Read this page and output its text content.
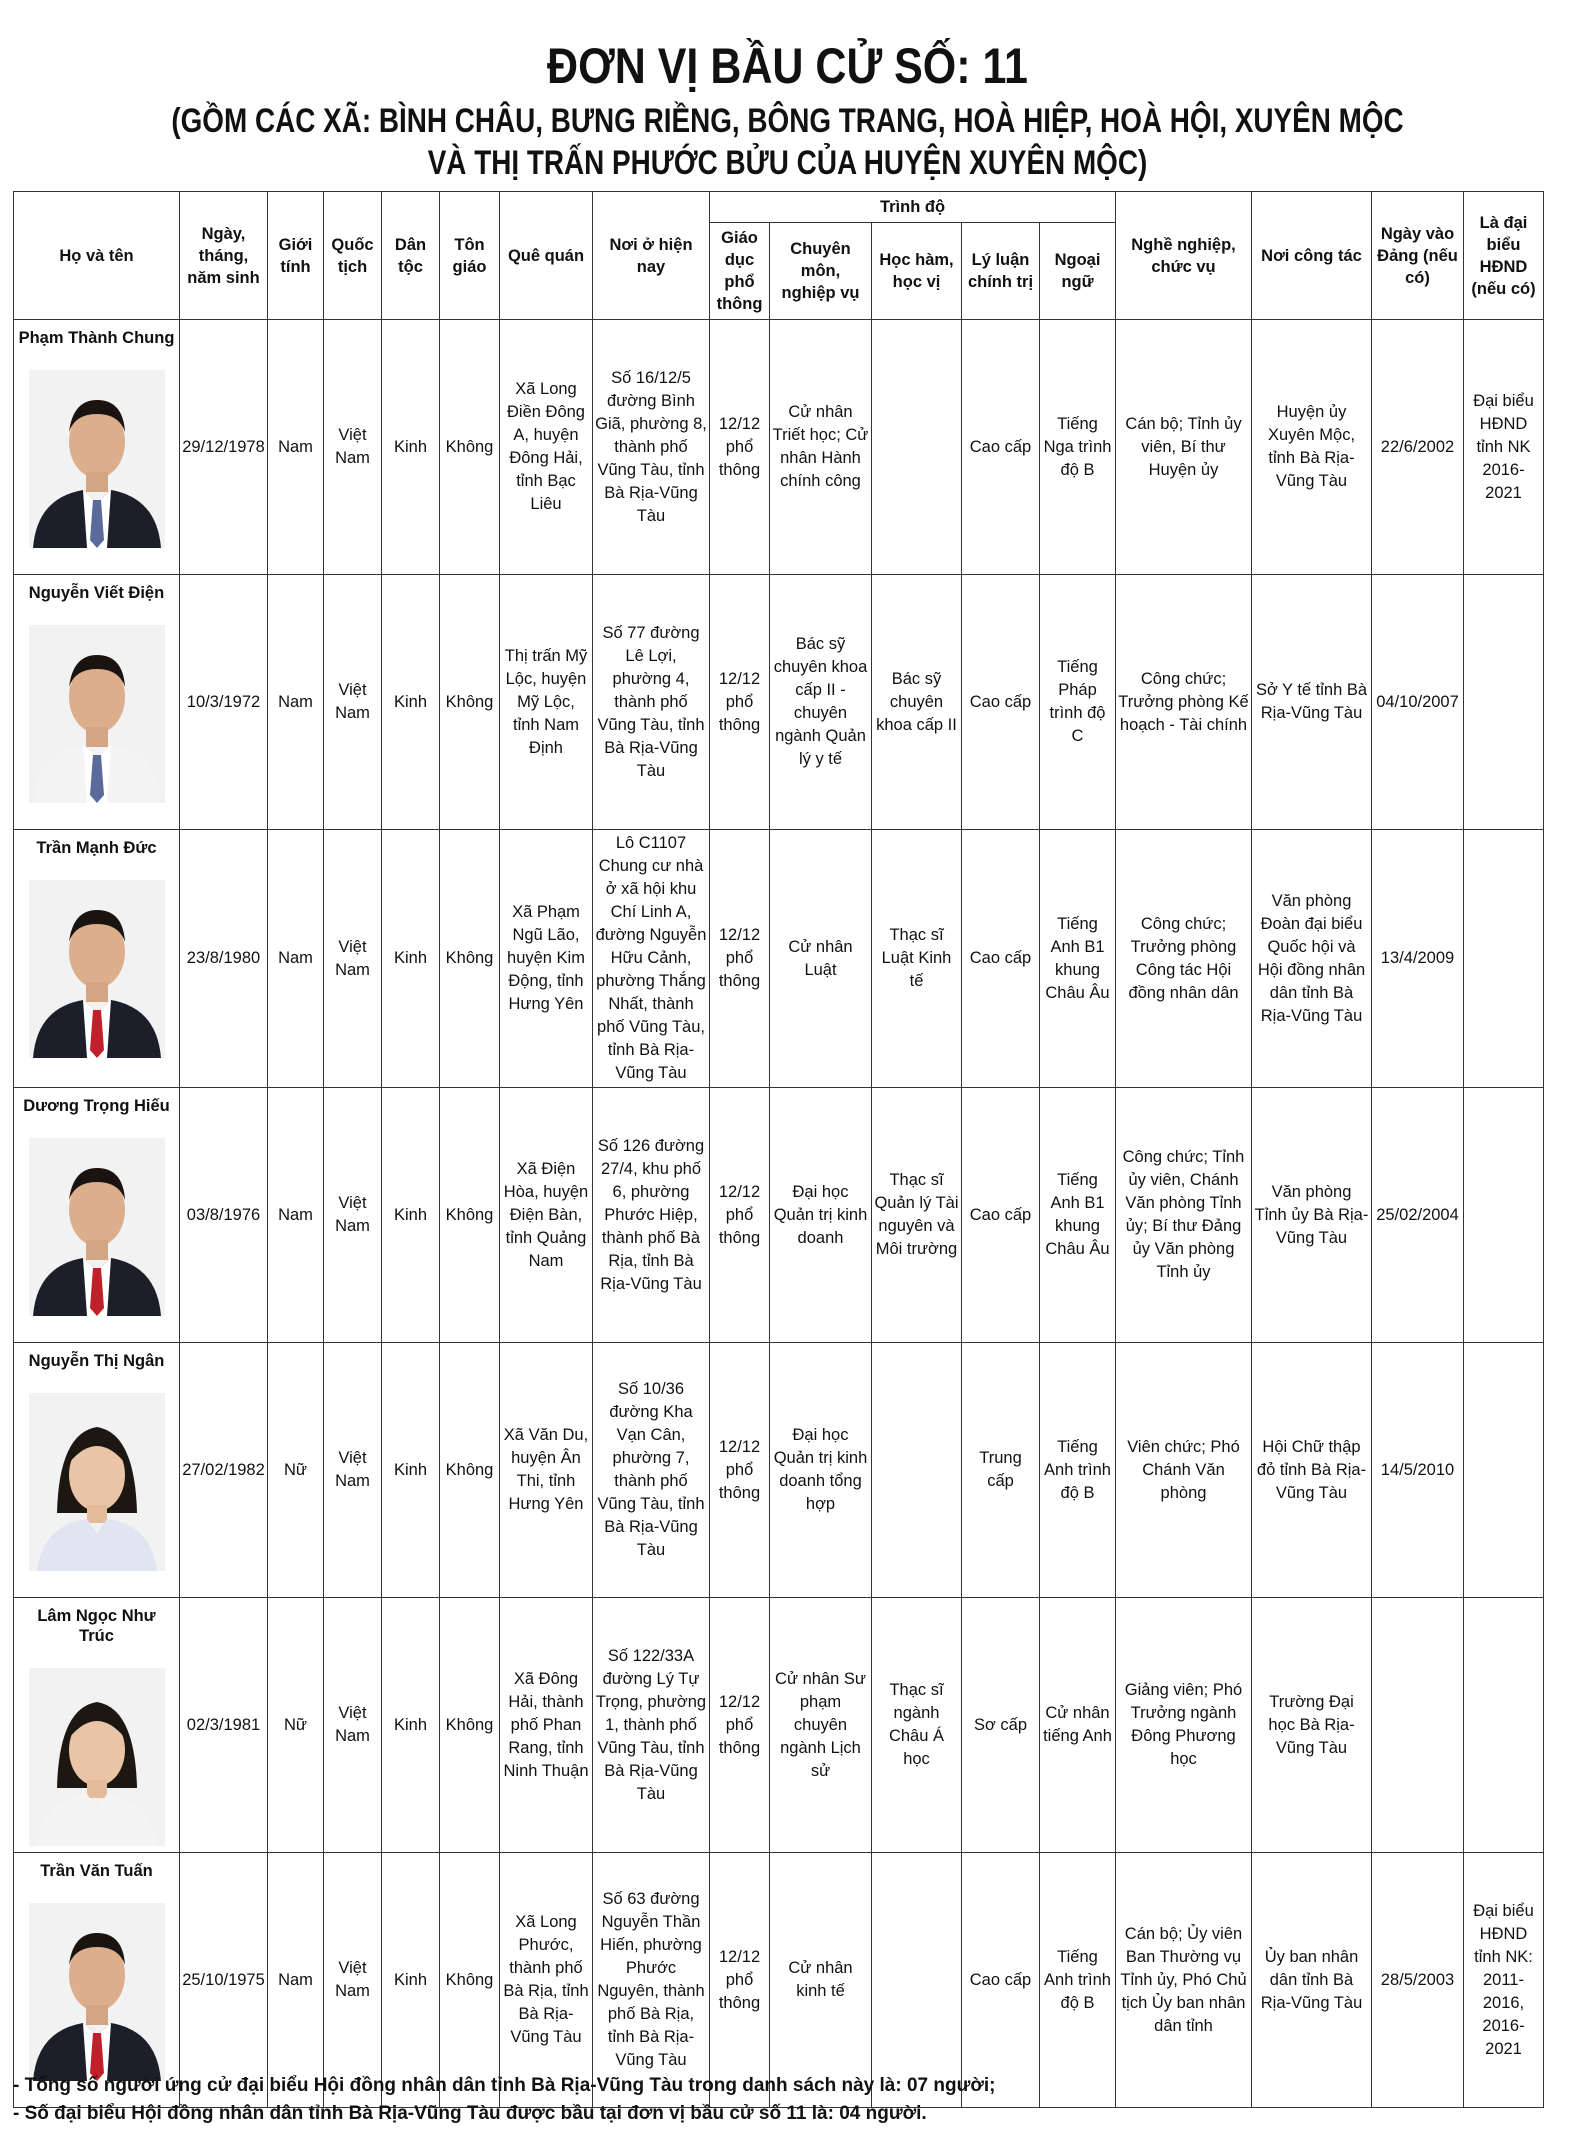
ĐƠN VỊ BẦU CỬ SỐ: 11
(GỒM CÁC XÃ: BÌNH CHÂU, BƯNG RIỀNG, BÔNG TRANG, HOÀ HIỆP, HOÀ HỘI, XUYÊN MỘC
VÀ THỊ TRẤN PHƯỚC BỬU CỦA HUYỆN XUYÊN MỘC)
Họ và tên	Ngày, tháng, năm sinh	Giới tính	Quốc tịch	Dân tộc	Tôn giáo	Quê quán	Nơi ở hiện nay	Trình độ					Nghề nghiệp, chức vụ	Nơi công tác	Ngày vào Đảng (nếu có)	Là đại biểu HĐND (nếu có)
								Giáo dục phổ thông	Chuyên môn, nghiệp vụ	Học hàm, học vị	Lý luận chính trị	Ngoại ngữ				

Phạm Thành Chung	29/12/1978	Nam	Việt Nam	Kinh	Không	Xã Long Điền Đông A, huyện Đông Hải, tỉnh Bạc Liêu	Số 16/12/5 đường Bình Giã, phường 8, thành phố Vũng Tàu, tỉnh Bà Rịa-Vũng Tàu	12/12 phổ thông	Cử nhân Triết học; Cử nhân Hành chính công		Cao cấp	Tiếng Nga trình độ B	Cán bộ; Tỉnh ủy viên, Bí thư Huyện ủy	Huyện ủy Xuyên Mộc, tỉnh Bà Rịa-Vũng Tàu	22/6/2002	Đại biểu HĐND tỉnh NK 2016-2021

Nguyễn Viết Điện	10/3/1972	Nam	Việt Nam	Kinh	Không	Thị trấn Mỹ Lộc, huyện Mỹ Lộc, tỉnh Nam Định	Số 77 đường Lê Lợi, phường 4, thành phố Vũng Tàu, tỉnh Bà Rịa-Vũng Tàu	12/12 phổ thông	Bác sỹ chuyên khoa cấp II - chuyên ngành Quản lý y tế	Bác sỹ chuyên khoa cấp II	Cao cấp	Tiếng Pháp trình độ C	Công chức; Trưởng phòng Kế hoạch - Tài chính	Sở Y tế tỉnh Bà Rịa-Vũng Tàu	04/10/2007	

Trần Mạnh Đức	23/8/1980	Nam	Việt Nam	Kinh	Không	Xã Phạm Ngũ Lão, huyện Kim Động, tỉnh Hưng Yên	Lô C1107 Chung cư nhà ở xã hội khu Chí Linh A, đường Nguyễn Hữu Cảnh, phường Thắng Nhất, thành phố Vũng Tàu, tỉnh Bà Rịa-Vũng Tàu	12/12 phổ thông	Cử nhân Luật	Thạc sĩ Luật Kinh tế	Cao cấp	Tiếng Anh B1 khung Châu Âu	Công chức; Trưởng phòng Công tác Hội đồng nhân dân	Văn phòng Đoàn đại biểu Quốc hội và Hội đồng nhân dân tỉnh Bà Rịa-Vũng Tàu	13/4/2009	

Dương Trọng Hiếu	03/8/1976	Nam	Việt Nam	Kinh	Không	Xã Điện Hòa, huyện Điện Bàn, tỉnh Quảng Nam	Số 126 đường 27/4, khu phố 6, phường Phước Hiệp, thành phố Bà Rịa, tỉnh Bà Rịa-Vũng Tàu	12/12 phổ thông	Đại học Quản trị kinh doanh	Thạc sĩ Quản lý Tài nguyên và Môi trường	Cao cấp	Tiếng Anh B1 khung Châu Âu	Công chức; Tỉnh ủy viên, Chánh Văn phòng Tỉnh ủy; Bí thư Đảng ủy Văn phòng Tỉnh ủy	Văn phòng Tỉnh ủy Bà Rịa-Vũng Tàu	25/02/2004	

Nguyễn Thị Ngân	27/02/1982	Nữ	Việt Nam	Kinh	Không	Xã Văn Du, huyện Ân Thi, tỉnh Hưng Yên	Số 10/36 đường Kha Vạn Cân, phường 7, thành phố Vũng Tàu, tỉnh Bà Rịa-Vũng Tàu	12/12 phổ thông	Đại học Quản trị kinh doanh tổng hợp		Trung cấp	Tiếng Anh trình độ B	Viên chức; Phó Chánh Văn phòng	Hội Chữ thập đỏ tỉnh Bà Rịa-Vũng Tàu	14/5/2010	

Lâm Ngọc Như Trúc	02/3/1981	Nữ	Việt Nam	Kinh	Không	Xã Đông Hải, thành phố Phan Rang, tỉnh Ninh Thuận	Số 122/33A đường Lý Tự Trọng, phường 1, thành phố Vũng Tàu, tỉnh Bà Rịa-Vũng Tàu	12/12 phổ thông	Cử nhân Sư phạm chuyên ngành Lịch sử	Thạc sĩ ngành Châu Á học	Sơ cấp	Cử nhân tiếng Anh	Giảng viên; Phó Trưởng ngành Đông Phương học	Trường Đại học Bà Rịa-Vũng Tàu		

Trần Văn Tuấn	25/10/1975	Nam	Việt Nam	Kinh	Không	Xã Long Phước, thành phố Bà Rịa, tỉnh Bà Rịa-Vũng Tàu	Số 63 đường Nguyễn Thần Hiến, phường Phước Nguyên, thành phố Bà Rịa, tỉnh Bà Rịa-Vũng Tàu	12/12 phổ thông	Cử nhân kinh tế		Cao cấp	Tiếng Anh trình độ B	Cán bộ; Ủy viên Ban Thường vụ Tỉnh ủy, Phó Chủ tịch Ủy ban nhân dân tỉnh	Ủy ban nhân dân tỉnh Bà Rịa-Vũng Tàu	28/5/2003	Đại biểu HĐND tỉnh NK: 2011-2016, 2016-2021
- Tổng số người ứng cử đại biểu Hội đồng nhân dân tỉnh Bà Rịa-Vũng Tàu trong danh sách này là: 07 người;
- Số đại biểu Hội đồng nhân dân tỉnh Bà Rịa-Vũng Tàu được bầu tại đơn vị bầu cử số 11 là: 04 người.
